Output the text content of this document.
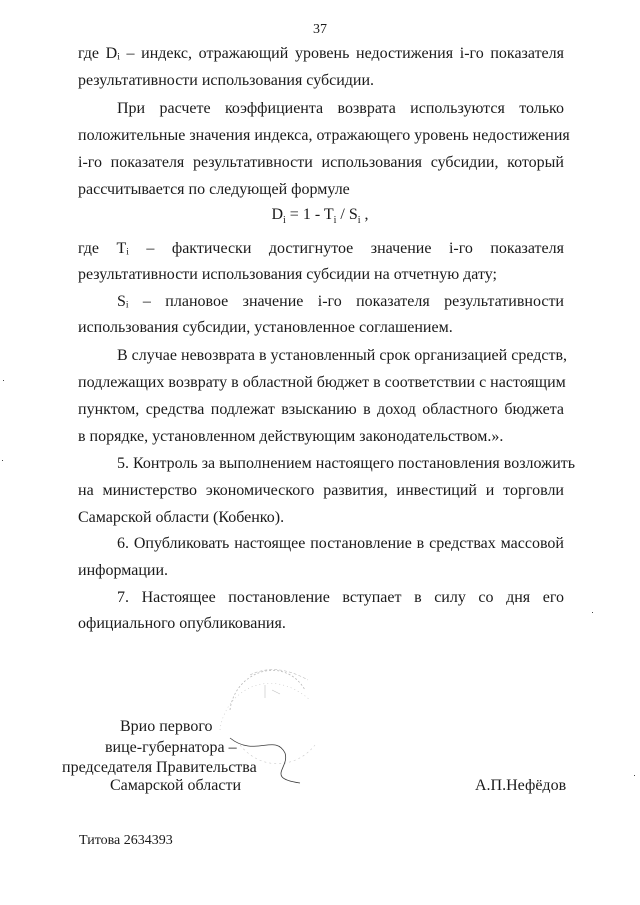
37
где Dᵢ – индекс, отражающий уровень недостижения i-го показателя
результативности использования субсидии.
При расчете коэффициента возврата используются только
положительные значения индекса, отражающего уровень недостижения
i-го показателя результативности использования субсидии, который
рассчитывается по следующей формуле
$D_i = 1 - T_i / S_i$ ,
где Tᵢ – фактически достигнутое значение i-го показателя
результативности использования субсидии на отчетную дату;
Sᵢ – плановое значение i-го показателя результативности
использования субсидии, установленное соглашением.
В случае невозврата в установленный срок организацией средств,
подлежащих возврату в областной бюджет в соответствии с настоящим
пунктом, средства подлежат взысканию в доход областного бюджета
в порядке, установленном действующим законодательством.».
5. Контроль за выполнением настоящего постановления возложить
на министерство экономического развития, инвестиций и торговли
Самарской области (Кобенко).
6. Опубликовать настоящее постановление в средствах массовой
информации.
7. Настоящее постановление вступает в силу со дня его
официального опубликования.
Врио первого
вице-губернатора –
председателя Правительства
Самарской области	А.П.Нефёдов
Титова 2634393
